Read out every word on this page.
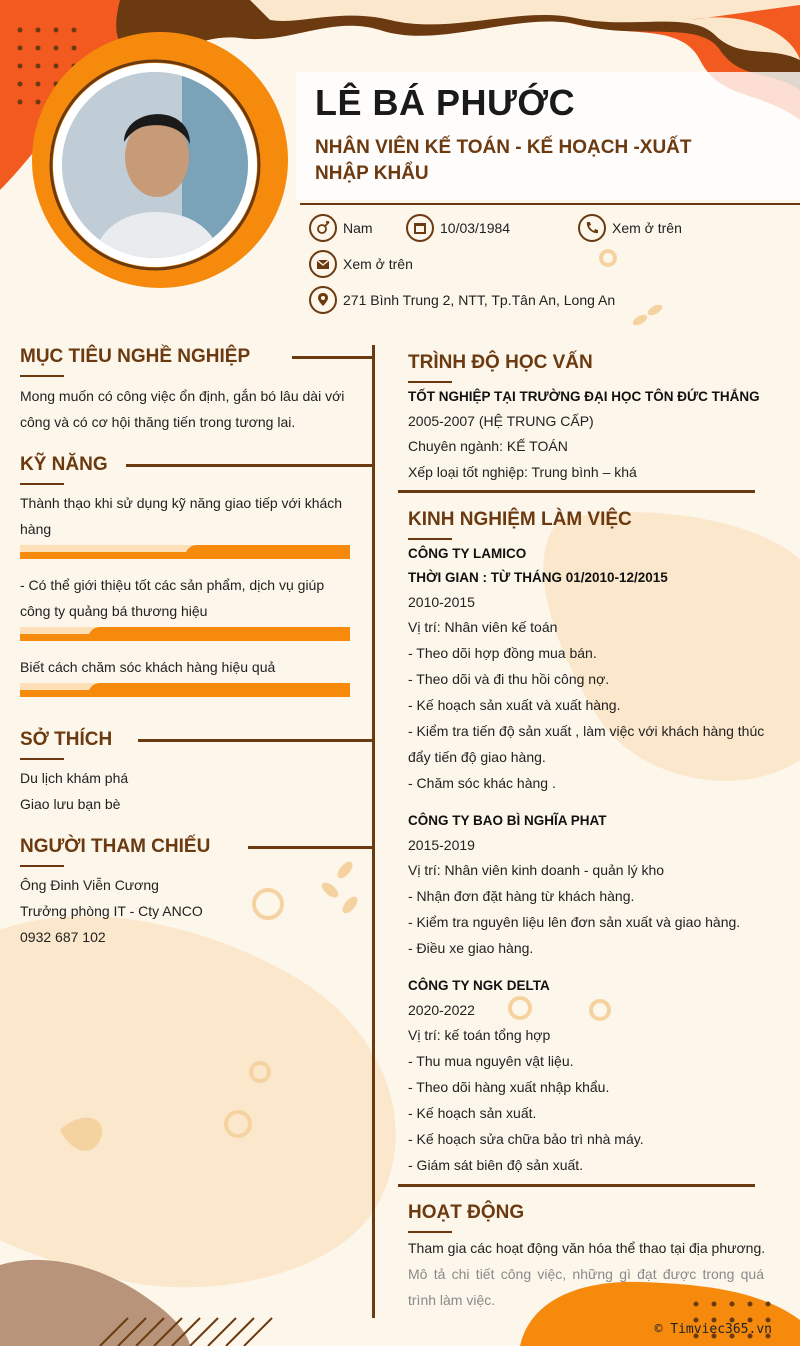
LÊ BÁ PHƯỚC
NHÂN VIÊN KẾ TOÁN - KẾ HOẠCH -XUẤT NHẬP KHẨU
Nam	10/03/1984	Xem ở trên
Xem ở trên
271 Bình Trung 2, NTT, Tp.Tân An, Long An
MỤC TIÊU NGHỀ NGHIỆP
Mong muốn có công việc ổn định, gắn bó lâu dài với công và có cơ hội thăng tiến trong tương lai.
KỸ NĂNG
Thành thạo khi sử dụng kỹ năng giao tiếp với khách hàng
- Có thể giới thiệu tốt các sản phẩm, dịch vụ giúp công ty quảng bá thương hiệu
Biết cách chăm sóc khách hàng hiệu quả
SỞ THÍCH
Du lịch khám phá
Giao lưu bạn bè
NGƯỜI THAM CHIẾU
Ông Đinh Viễn Cương
Trưởng phòng IT - Cty ANCO
0932 687 102
TRÌNH ĐỘ HỌC VẤN
TỐT NGHIỆP TẠI TRƯỜNG ĐẠI HỌC TÔN ĐỨC THẮNG
2005-2007 (HỆ TRUNG CẤP)
Chuyên ngành: KẾ TOÁN
Xếp loại tốt nghiệp: Trung bình – khá
KINH NGHIỆM LÀM VIỆC
CÔNG TY LAMICO
THỜI GIAN : TỪ THÁNG 01/2010-12/2015
2010-2015
Vị trí: Nhân viên kế toán
- Theo dõi hợp đồng mua bán.
- Theo dõi và đi thu hồi công nợ.
- Kế hoạch sản xuất và xuất hàng.
- Kiểm tra tiến độ sản xuất , làm việc với khách hàng thúc đẩy tiến độ giao hàng.
- Chăm sóc khác hàng .
CÔNG TY BAO BÌ NGHĨA PHAT
2015-2019
Vị trí: Nhân viên kinh doanh - quản lý kho
- Nhận đơn đặt hàng từ khách hàng.
- Kiểm tra nguyên liệu lên đơn sản xuất và giao hàng.
- Điều xe giao hàng.
CÔNG TY NGK DELTA
2020-2022
Vị trí: kế toán tổng hợp
- Thu mua nguyên vật liệu.
- Theo dõi hàng xuất nhập khẩu.
- Kế hoạch sản xuất.
- Kế hoạch sửa chữa bảo trì nhà máy.
- Giám sát biên độ sản xuất.
HOẠT ĐỘNG
Tham gia các hoạt động văn hóa thể thao tại địa phương.
Mô tả chi tiết công việc, những gì đạt được trong quá trình làm việc.
© Timviec365.vn
